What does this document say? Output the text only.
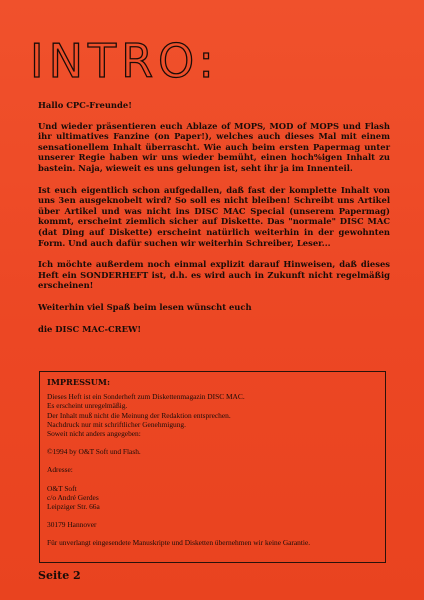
INTRO:

Hallo CPC-Freunde!

Und wieder präsentieren euch Ablaze of MOPS, MOD of MOPS und Flash ihr ultimatives Fanzine (on Paper!), welches auch dieses Mal mit einem sensationellem Inhalt überrascht. Wie auch beim ersten Papermag unter unserer Regie haben wir uns wieder bemüht, einen hoch%igen Inhalt zu bastein. Naja, wieweit es uns gelungen ist, seht ihr ja im Innenteil.

Ist euch eigentlich schon aufgedallen, daß fast der komplette Inhalt von uns 3en ausgeknobelt wird? So soll es nicht bleiben! Schreibt uns Artikel über Artikel und was nicht ins DISC MAC Special (unserem Papermag) kommt, erscheint ziemlich sicher auf Diskette. Das "normale" DISC MAC (dat Ding auf Diskette) erscheint natürlich weiterhin in der gewohnten Form. Und auch dafür suchen wir weiterhin Schreiber, Leser...

Ich möchte außerdem noch einmal explizit darauf Hinweisen, daß dieses Heft ein SONDERHEFT ist, d.h. es wird auch in Zukunft nicht regelmäßig erscheinen!

Weiterhin viel Spaß beim lesen wünscht euch

die DISC MAC-CREW!

IMPRESSUM:
Dieses Heft ist ein Sonderheft zum Diskettenmagazin DISC MAC.
Es erscheint unregelmäßig.
Der Inhalt muß nicht die Meinung der Redaktion entsprechen.
Nachdruck nur mit schriftlicher Genehmigung.
Soweit nicht anders angegeben:
©1994 by O&T Soft und Flash.
Adresse:
O&T Soft
c/o André Gerdes
Leipziger Str. 66a
30179 Hannover
Für unverlangt eingesendete Manuskripte und Disketten übernehmen wir keine Garantie.
Seite 2
